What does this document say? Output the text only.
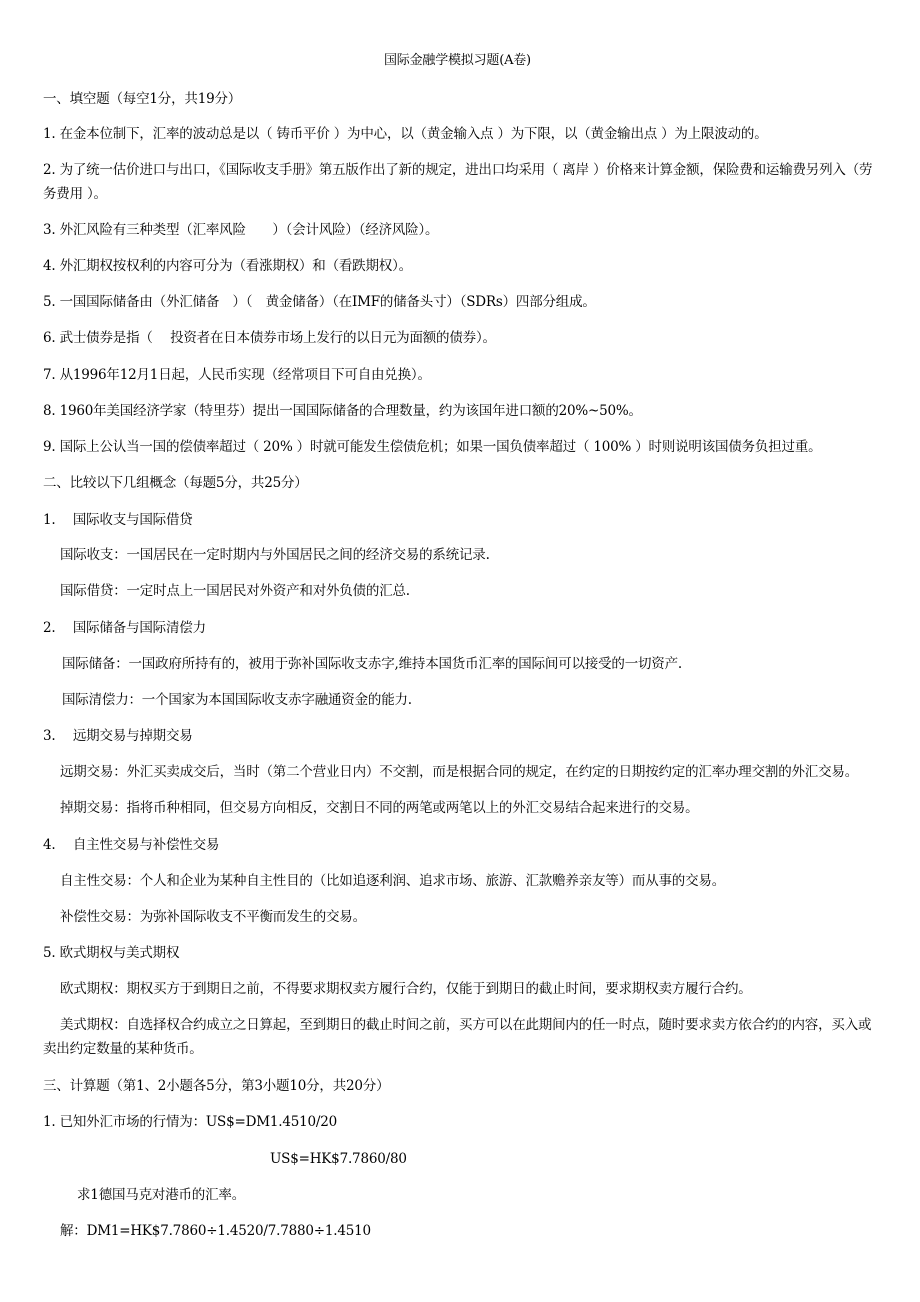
国际金融学模拟习题(A卷)
一、填空题（每空1分，共19分）
1. 在金本位制下，汇率的波动总是以（ 铸币平价 ）为中心，以（黄金输入点 ）为下限，以（黄金输出点 ）为上限波动的。
2. 为了统一估价进口与出口，《国际收支手册》第五版作出了新的规定，进出口均采用（ 离岸 ）价格来计算金额，保险费和运输费另列入（劳务费用 ）。
3. 外汇风险有三种类型（汇率风险　　）（会计风险）（经济风险）。
4. 外汇期权按权利的内容可分为（看涨期权）和（看跌期权）。
5. 一国国际储备由（外汇储备　）（　黄金储备）（在IMF的储备头寸）（SDRs）四部分组成。
6. 武士债券是指（　 投资者在日本债券市场上发行的以日元为面额的债券）。
7. 从1996年12月1日起，人民币实现（经常项目下可自由兑换）。
8. 1960年美国经济学家（特里芬）提出一国国际储备的合理数量，约为该国年进口额的20%~50%。
9. 国际上公认当一国的偿债率超过（ 20% ）时就可能发生偿债危机；如果一国负债率超过（ 100% ）时则说明该国债务负担过重。
二、比较以下几组概念（每题5分，共25分）
1.　 国际收支与国际借贷
国际收支：一国居民在一定时期内与外国居民之间的经济交易的系统记录.
国际借贷：一定时点上一国居民对外资产和对外负债的汇总.
2.　 国际储备与国际清偿力
国际储备：一国政府所持有的，被用于弥补国际收支赤字,维持本国货币汇率的国际间可以接受的一切资产.
国际清偿力：一个国家为本国国际收支赤字融通资金的能力.
3.　 远期交易与掉期交易
远期交易：外汇买卖成交后，当时（第二个营业日内）不交割，而是根据合同的规定，在约定的日期按约定的汇率办理交割的外汇交易。
掉期交易：指将币种相同，但交易方向相反，交割日不同的两笔或两笔以上的外汇交易结合起来进行的交易。
4.　 自主性交易与补偿性交易
自主性交易：个人和企业为某种自主性目的（比如追逐利润、追求市场、旅游、汇款赡养亲友等）而从事的交易。
补偿性交易：为弥补国际收支不平衡而发生的交易。
5. 欧式期权与美式期权
欧式期权：期权买方于到期日之前，不得要求期权卖方履行合约，仅能于到期日的截止时间，要求期权卖方履行合约。
美式期权：自选择权合约成立之日算起，至到期日的截止时间之前，买方可以在此期间内的任一时点，随时要求卖方依合约的内容，买入或卖出约定数量的某种货币。
三、计算题（第1、2小题各5分，第3小题10分，共20分）
1. 已知外汇市场的行情为：US$=DM1.4510/20
US$=HK$7.7860/80
求1德国马克对港币的汇率。
解：DM1=HK$7.7860÷1.4520/7.7880÷1.4510
